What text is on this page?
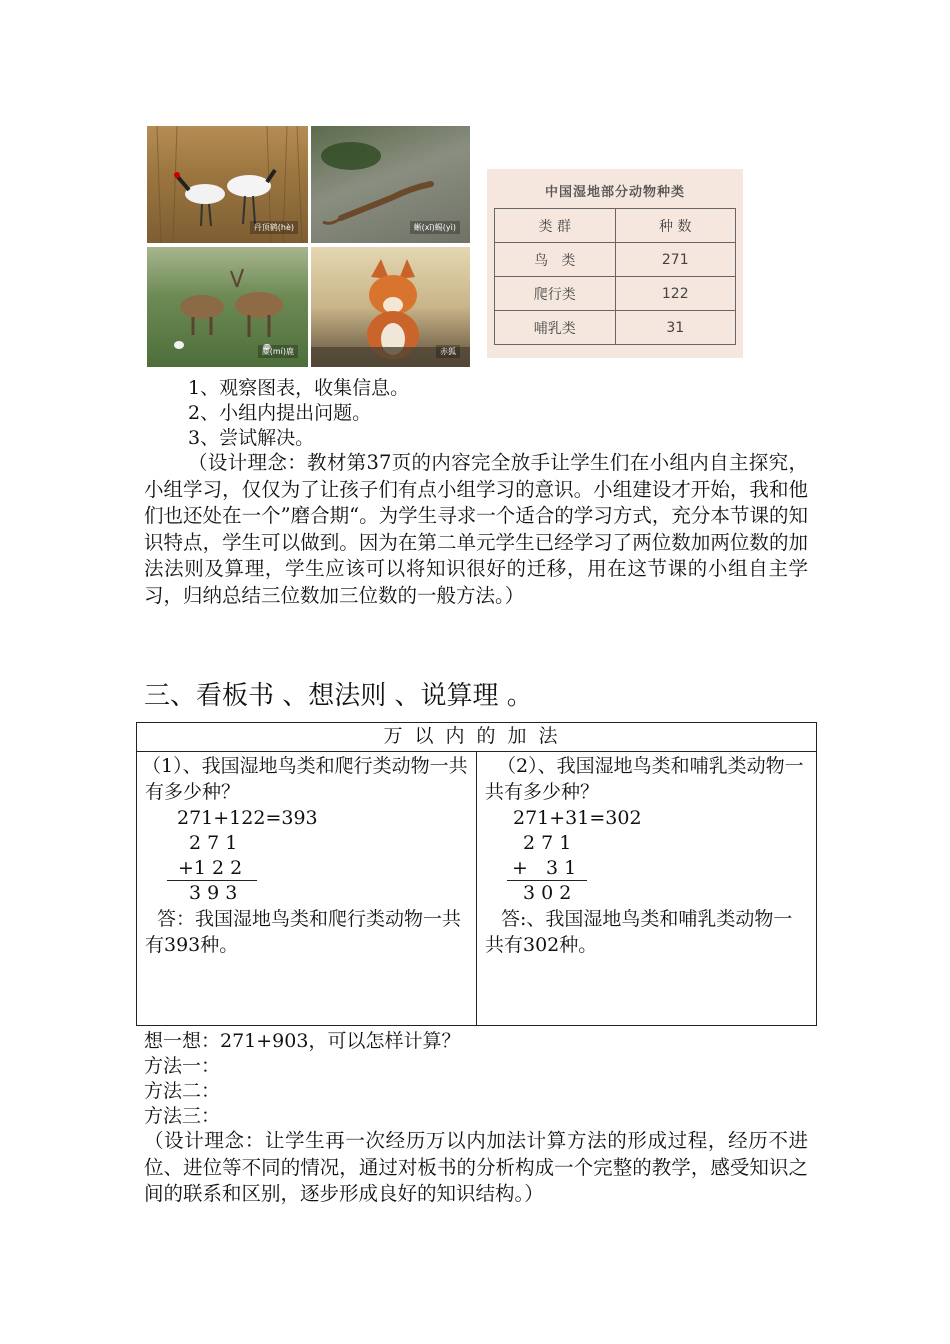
丹顶鹤(hè)	蜥(xī)蜴(yì)
麋(mí)鹿	赤狐
中国湿地部分动物种类
类 群	种 数
鸟   类	271
爬行类	122
哺乳类	31
1、观察图表，收集信息。
2、小组内提出问题。
3、尝试解决。
（设计理念：教材第37页的内容完全放手让学生们在小组内自主探究，小组学习，仅仅为了让孩子们有点小组学习的意识。小组建设才开始，我和他们也还处在一个”磨合期“。为学生寻求一个适合的学习方式，充分本节课的知识特点，学生可以做到。因为在第二单元学生已经学习了两位数加两位数的加法法则及算理，学生应该可以将知识很好的迁移，用在这节课的小组自主学习，归纳总结三位数加三位数的一般方法。）
三、看板书 、想法则 、说算理 。
万以内的加法
（1）、我国湿地鸟类和爬行类动物一共有多少种？
271+122=393
2 7 1
+1 2 2
3 9 3
答：我国湿地鸟类和爬行类动物一共有393种。
（2）、我国湿地鸟类和哺乳类动物一共有多少种？
271+31=302
2 7 1
+   3 1
3 0 2
答:、我国湿地鸟类和哺乳类动物一共有302种。
想一想：271+903，可以怎样计算？
方法一：
方法二：
方法三：
（设计理念：让学生再一次经历万以内加法计算方法的形成过程，经历不进位、进位等不同的情况，通过对板书的分析构成一个完整的教学，感受知识之间的联系和区别，逐步形成良好的知识结构。）
